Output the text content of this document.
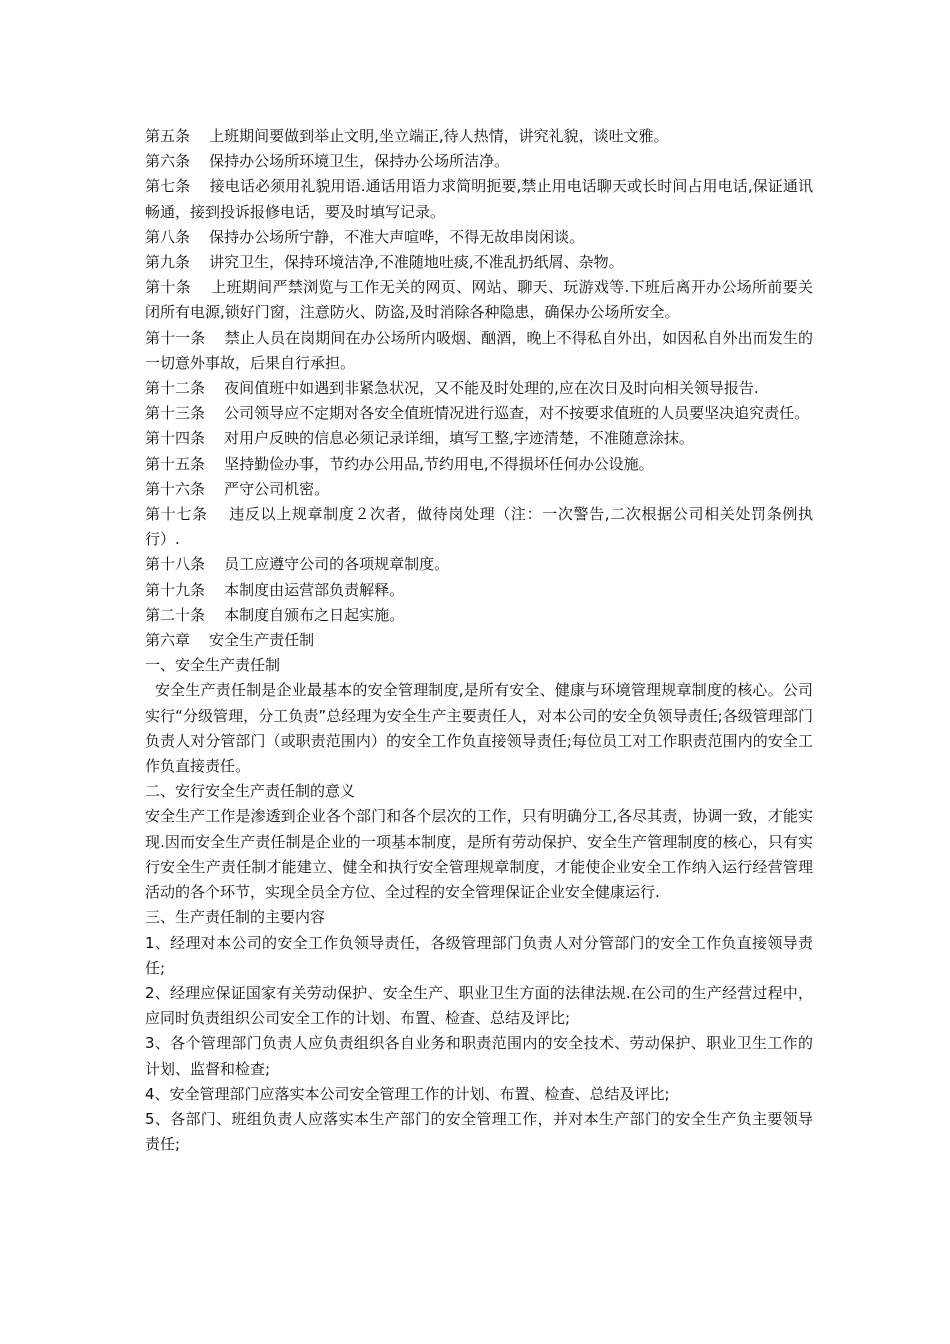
第五条 上班期间要做到举止文明,坐立端正,待人热情，讲究礼貌，谈吐文雅。

第六条 保持办公场所环境卫生，保持办公场所洁净。

第七条 接电话必须用礼貌用语.通话用语力求简明扼要,禁止用电话聊天或长时间占用电话,保证通讯畅通，接到投诉报修电话，要及时填写记录。

第八条 保持办公场所宁静，不准大声喧哗，不得无故串岗闲谈。

第九条 讲究卫生，保持环境洁净,不准随地吐痰,不准乱扔纸屑、杂物。

第十条 上班期间严禁浏览与工作无关的网页、网站、聊天、玩游戏等.下班后离开办公场所前要关闭所有电源,锁好门窗，注意防火、防盗,及时消除各种隐患，确保办公场所安全。

第十一条 禁止人员在岗期间在办公场所内吸烟、酗酒，晚上不得私自外出，如因私自外出而发生的一切意外事故，后果自行承担。

第十二条 夜间值班中如遇到非紧急状况，又不能及时处理的,应在次日及时向相关领导报告.

第十三条 公司领导应不定期对各安全值班情况进行巡查，对不按要求值班的人员要坚决追究责任。

第十四条 对用户反映的信息必须记录详细，填写工整,字迹清楚，不准随意涂抹。

第十五条 坚持勤俭办事，节约办公用品,节约用电,不得损坏任何办公设施。

第十六条 严守公司机密。

第十七条 违反以上规章制度２次者，做待岗处理（注：一次警告,二次根据公司相关处罚条例执行）.

第十八条 员工应遵守公司的各项规章制度。

第十九条 本制度由运营部负责解释。

第二十条 本制度自颁布之日起实施。

第六章 安全生产责任制

一、安全生产责任制

安全生产责任制是企业最基本的安全管理制度,是所有安全、健康与环境管理规章制度的核心。公司实行“分级管理，分工负责”总经理为安全生产主要责任人，对本公司的安全负领导责任;各级管理部门负责人对分管部门（或职责范围内）的安全工作负直接领导责任;每位员工对工作职责范围内的安全工作负直接责任。

二、安行安全生产责任制的意义

安全生产工作是渗透到企业各个部门和各个层次的工作，只有明确分工,各尽其责，协调一致，才能实现.因而安全生产责任制是企业的一项基本制度，是所有劳动保护、安全生产管理制度的核心，只有实行安全生产责任制才能建立、健全和执行安全管理规章制度，才能使企业安全工作纳入运行经营管理活动的各个环节，实现全员全方位、全过程的安全管理保证企业安全健康运行.

三、生产责任制的主要内容

1、经理对本公司的安全工作负领导责任，各级管理部门负责人对分管部门的安全工作负直接领导责任;

2、经理应保证国家有关劳动保护、安全生产、职业卫生方面的法律法规.在公司的生产经营过程中，应同时负责组织公司安全工作的计划、布置、检查、总结及评比;

3、各个管理部门负责人应负责组织各自业务和职责范围内的安全技术、劳动保护、职业卫生工作的计划、监督和检查;

4、安全管理部门应落实本公司安全管理工作的计划、布置、检查、总结及评比;

5、各部门、班组负责人应落实本生产部门的安全管理工作，并对本生产部门的安全生产负主要领导责任;
